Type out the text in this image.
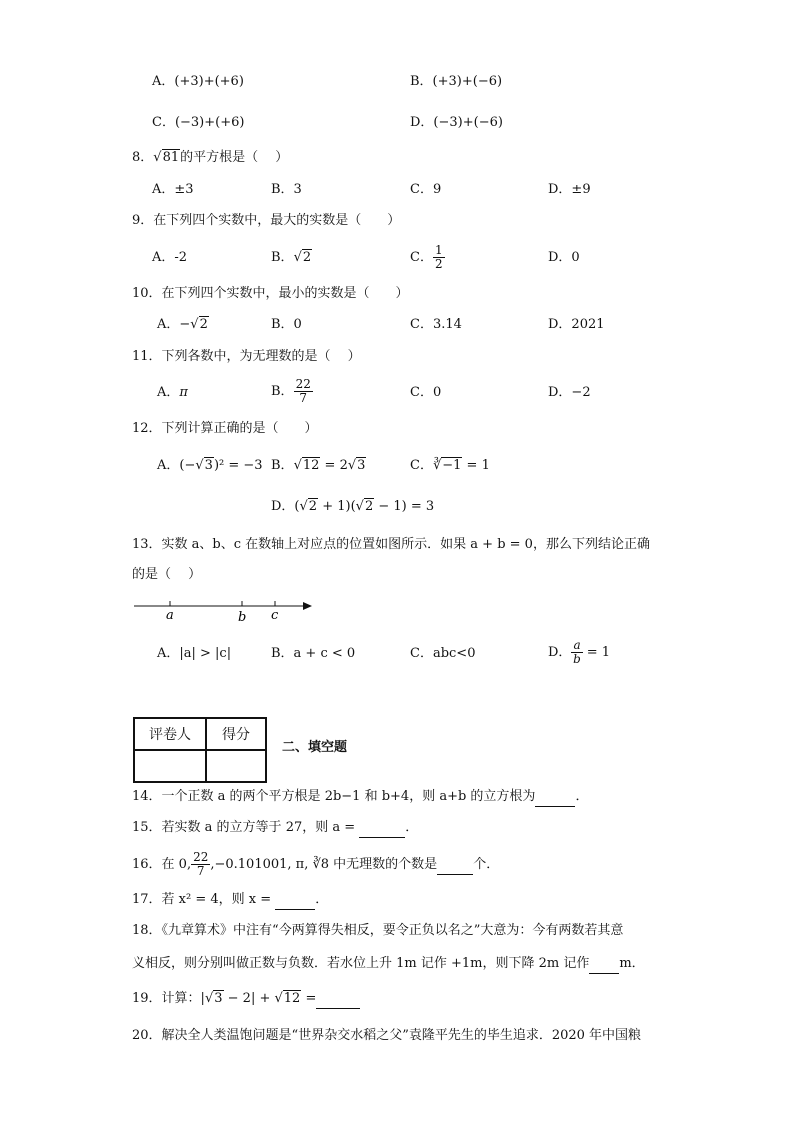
A．(+3)+(+6)	B．(+3)+(−6)
C．(−3)+(+6)	D．(−3)+(−6)
8．√81的平方根是（　 ）
A．±3	B．3	C．9	D．±9
9．在下列四个实数中，最大的实数是（　　）
A．-2	B．√2	C． $\frac{1}{2}$	D．0
10．在下列四个实数中，最小的实数是（　　）
A．−√2	B．0	C．3.14	D．2021
11．下列各数中，为无理数的是（　 ）
A．π	B． $\frac{22}{7}$	C．0	D．−2
12．下列计算正确的是（　　）
A．(−√3)² = −3 B．√12 = 2√3	C．∛−1 = 1
D．(√2 + 1)(√2 − 1) = 3
13．实数 a、b、c 在数轴上对应点的位置如图所示．如果 a + b = 0，那么下列结论正确
的是（　 ）
a	b c
A．|a| > |c|	B．a + c < 0	C．abc<0	D． $\frac{a}{b} = 1$
评卷人	得分

二、填空题
14．一个正数 a 的两个平方根是 2b−1 和 b+4，则 a+b 的立方根为	．
15．若实数 a 的立方等于 27，则 a =	．
16．在 0, $\frac{22}{7} ,-0.101001$, π, ∛8 中无理数的个数是	个．
17．若 x² = 4，则 x =	．
18．《九章算术》中注有“今两算得失相反，要令正负以名之”大意为：今有两数若其意
义相反，则分别叫做正数与负数．若水位上升 1m 记作 +1m，则下降 2m 记作 m．
19．计算：|√3 − 2| + √12 =
20．解决全人类温饱问题是“世界杂交水稻之父”袁隆平先生的毕生追求．2020 年中国粮
